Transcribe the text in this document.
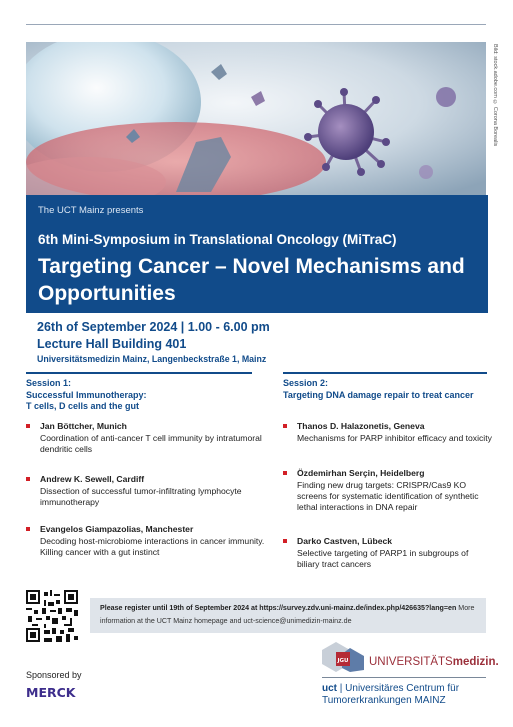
Bild: stock.adobe.com © Corona Borealis
The UCT Mainz presents
6th Mini-Symposium in Translational Oncology (MiTraC)
Targeting Cancer – Novel Mechanisms and Opportunities
26th of September 2024 | 1.00 - 6.00 pm
Lecture Hall Building 401
Universitätsmedizin Mainz, Langenbeckstraße 1, Mainz
Session 1:
Successful Immunotherapy:
T cells, D cells and the gut
Session 2:
Targeting DNA damage repair to treat cancer
Jan Böttcher, Munich
Coordination of anti-cancer T cell immunity by intratumoral dendritic cells
Andrew K. Sewell, Cardiff
Dissection of successful tumor-infiltrating lymphocyte immunotherapy
Evangelos Giampazolias, Manchester
Decoding host-microbiome interactions in cancer immunity. Killing cancer with a gut instinct
Thanos D. Halazonetis, Geneva
Mechanisms for PARP inhibitor efficacy and toxicity
Özdemirhan Serçin, Heidelberg
Finding new drug targets: CRISPR/Cas9 KO screens for systematic identification of synthetic lethal interactions in DNA repair
Darko Castven, Lübeck
Selective targeting of PARP1 in subgroups of biliary tract cancers
Please register until 19th of September 2024 at https://survey.zdv.uni-mainz.de/index.php/426635?lang=en More information at the UCT Mainz homepage and uct-science@unimedizin-mainz.de
Sponsored by
MERCK
JGU UNIVERSITÄTSmedizin.
uct | Universitäres Centrum für
Tumorerkrankungen MAINZ
